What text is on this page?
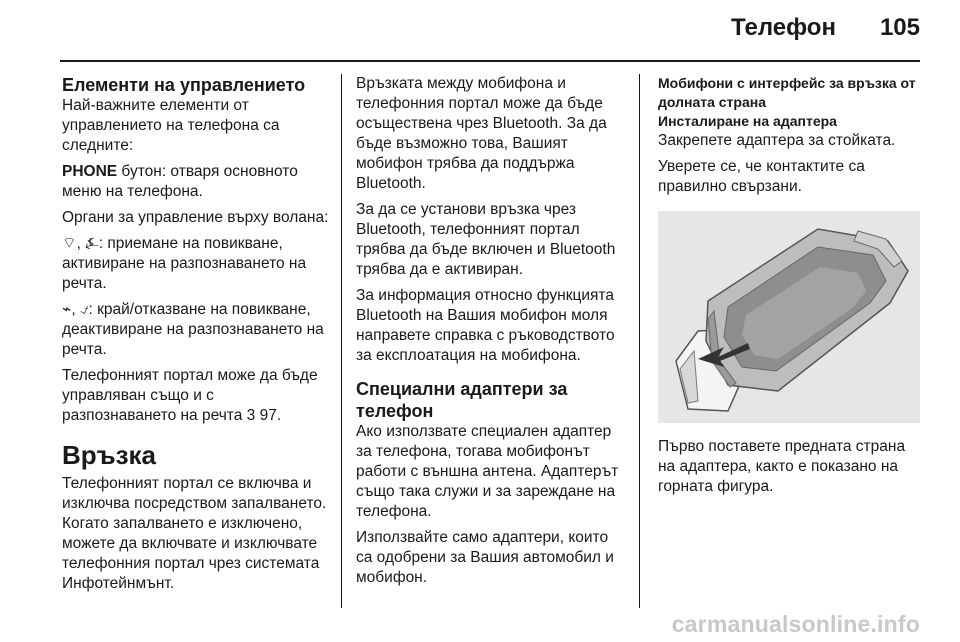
Телефон 105
Елементи на управлението

Най-важните елементи от управлението на телефона са следните:

PHONE бутон: отваря основното меню на телефона.

Органи за управление върху волана:

⌔, ⍼: приемане на повикване, активиране на разпознаването на речта.

⌁, ⍻: край/отказване на повикване, деактивиране на разпознаването на речта.

Телефонният портал може да бъде управляван също и с разпознаването на речта 3 97.

Връзка

Телефонният портал се включва и изключва посредством запалването. Когато запалването е изключено, можете да включвате и изключвате телефонния портал чрез системата Инфотейнмънт.

Връзката между мобифона и телефонния портал може да бъде осъществена чрез Bluetooth. За да бъде възможно това, Вашият мобифон трябва да поддържа Bluetooth.

За да се установи връзка чрез Bluetooth, телефонният портал трябва да бъде включен и Bluetooth трябва да е активиран.

За информация относно функцията Bluetooth на Вашия мобифон моля направете справка с ръководството за експлоатация на мобифона.

Специални адаптери за телефон

Ако използвате специален адаптер за телефона, тогава мобифонът работи с външна антена. Адаптерът също така служи и за зареждане на телефона.

Използвайте само адаптери, които са одобрени за Вашия автомобил и мобифон.

Мобифони с интерфейс за връзка от долната страна
Инсталиране на адаптера

Закрепете адаптера за стойката.

Уверете се, че контактите са правилно свързани.

Първо поставете предната страна на адаптера, както е показано на горната фигура.

carmanualsonline.info
